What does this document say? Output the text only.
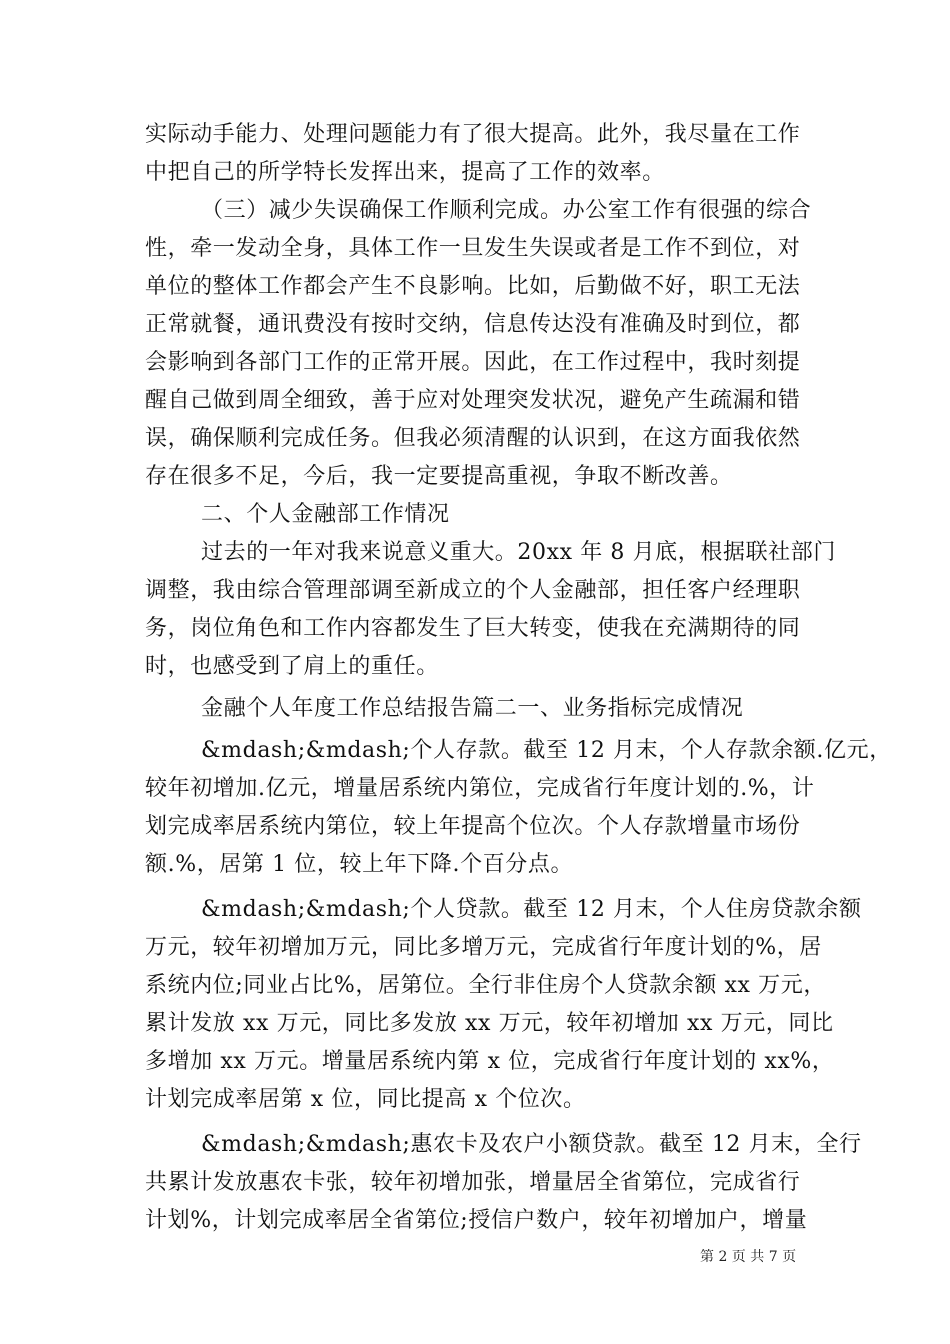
实际动手能力、处理问题能力有了很大提高。此外，我尽量在工作
中把自己的所学特长发挥出来，提高了工作的效率。
（三）减少失误确保工作顺利完成。办公室工作有很强的综合
性，牵一发动全身，具体工作一旦发生失误或者是工作不到位，对
单位的整体工作都会产生不良影响。比如，后勤做不好，职工无法
正常就餐，通讯费没有按时交纳，信息传达没有准确及时到位，都
会影响到各部门工作的正常开展。因此，在工作过程中，我时刻提
醒自己做到周全细致，善于应对处理突发状况，避免产生疏漏和错
误，确保顺利完成任务。但我必须清醒的认识到，在这方面我依然
存在很多不足，今后，我一定要提高重视，争取不断改善。
二、个人金融部工作情况
过去的一年对我来说意义重大。20xx 年 8 月底，根据联社部门
调整，我由综合管理部调至新成立的个人金融部，担任客户经理职
务，岗位角色和工作内容都发生了巨大转变，使我在充满期待的同
时，也感受到了肩上的重任。
金融个人年度工作总结报告篇二一、业务指标完成情况
&mdash;&mdash;个人存款。截至 12 月末，个人存款余额.亿元，
较年初增加.亿元，增量居系统内第位，完成省行年度计划的.%，计
划完成率居系统内第位，较上年提高个位次。个人存款增量市场份
额.%，居第 1 位，较上年下降.个百分点。
&mdash;&mdash;个人贷款。截至 12 月末，个人住房贷款余额
万元，较年初增加万元，同比多增万元，完成省行年度计划的%，居
系统内位;同业占比%，居第位。全行非住房个人贷款余额 xx 万元，
累计发放 xx 万元，同比多发放 xx 万元，较年初增加 xx 万元，同比
多增加 xx 万元。增量居系统内第 x 位，完成省行年度计划的 xx%，
计划完成率居第 x 位，同比提高 x 个位次。
&mdash;&mdash;惠农卡及农户小额贷款。截至 12 月末，全行
共累计发放惠农卡张，较年初增加张，增量居全省第位，完成省行
计划%，计划完成率居全省第位;授信户数户，较年初增加户，增量
第 2 页 共 7 页
